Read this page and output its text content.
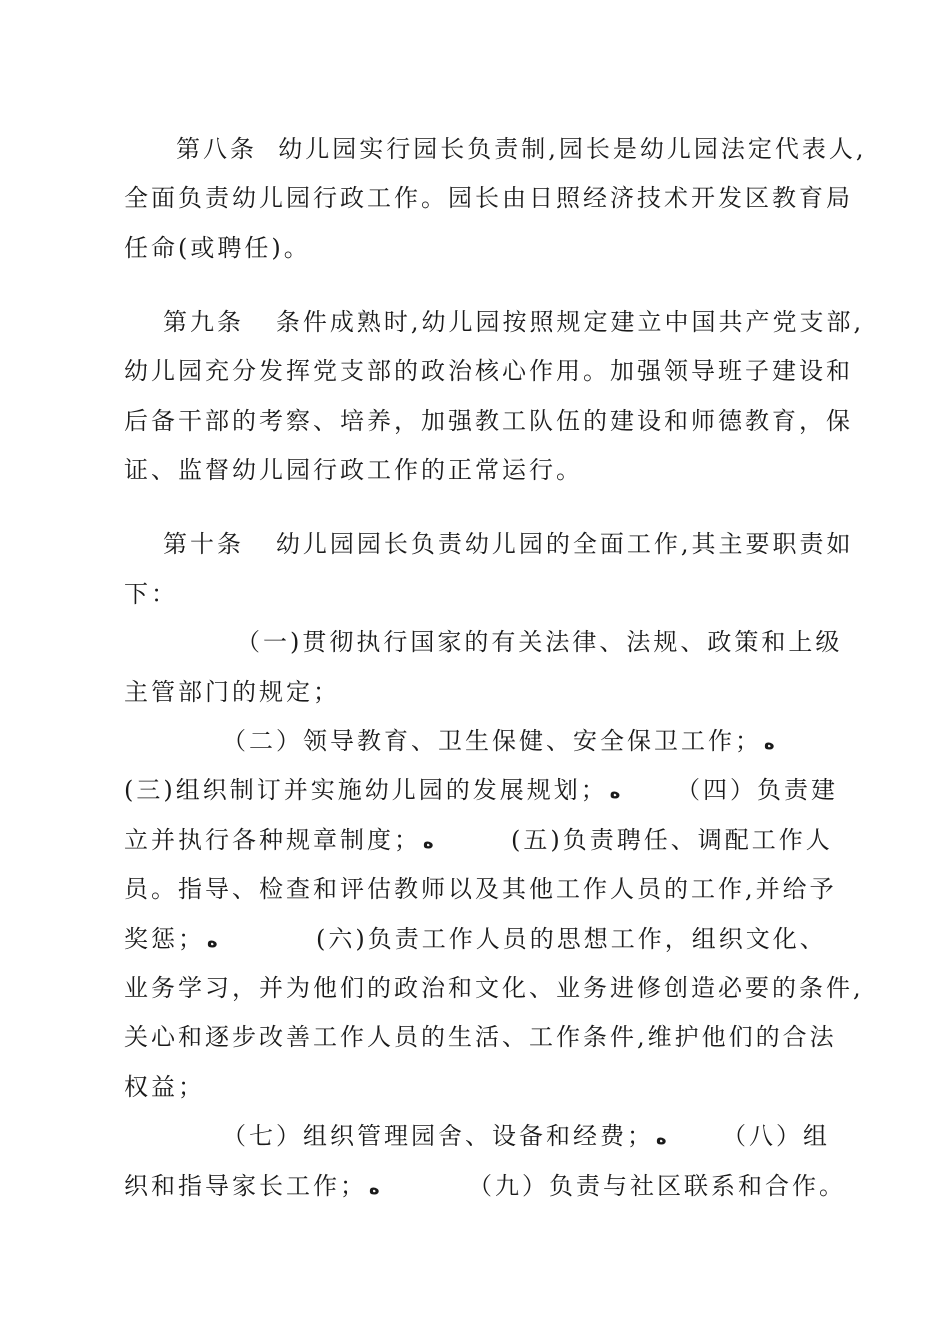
第八条  幼儿园实行园长负责制,园长是幼儿园法定代表人,
全面负责幼儿园行政工作。园长由日照经济技术开发区教育局
任命(或聘任)。
第九条   条件成熟时,幼儿园按照规定建立中国共产党支部,
幼儿园充分发挥党支部的政治核心作用。加强领导班子建设和
后备干部的考察、培养，加强教工队伍的建设和师德教育，保
证、监督幼儿园行政工作的正常运行。
第十条   幼儿园园长负责幼儿园的全面工作,其主要职责如
下：
（一)贯彻执行国家的有关法律、法规、政策和上级
主管部门的规定；
（二）领导教育、卫生保健、安全保卫工作； ه
(三)组织制订并实施幼儿园的发展规划； ه （四）负责建
立并执行各种规章制度； ه	(五)负责聘任、调配工作人
员。指导、检查和评估教师以及其他工作人员的工作,并给予
奖惩； ه	(六)负责工作人员的思想工作，组织文化、
业务学习，并为他们的政治和文化、业务进修创造必要的条件,
关心和逐步改善工作人员的生活、工作条件,维护他们的合法
权益；
（七）组织管理园舍、设备和经费； ه （八）组
织和指导家长工作； ه	（九）负责与社区联系和合作。
